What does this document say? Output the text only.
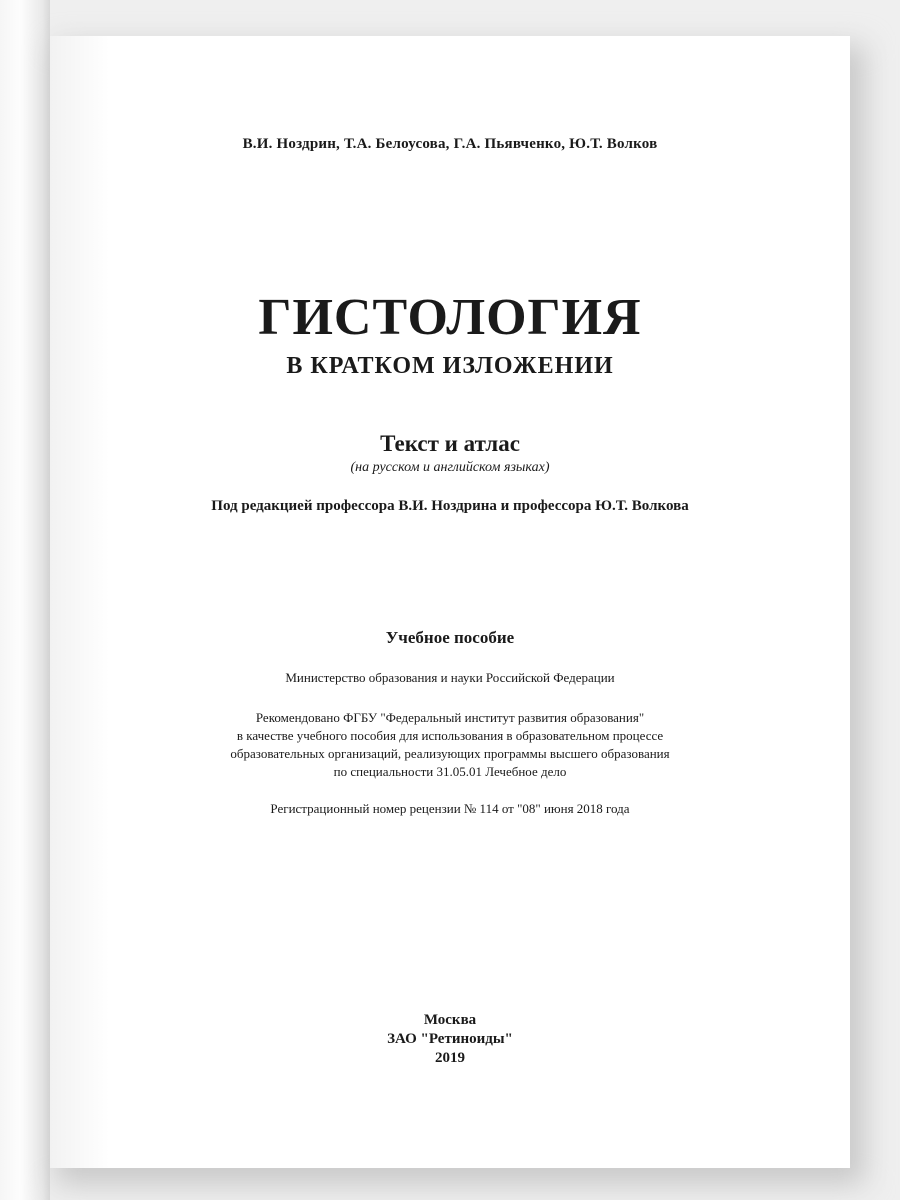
В.И. Ноздрин, Т.А. Белоусова, Г.А. Пьявченко, Ю.Т. Волков
ГИСТОЛОГИЯ
В КРАТКОМ ИЗЛОЖЕНИИ
Текст и атлас
(на русском и английском языках)
Под редакцией профессора В.И. Ноздрина и профессора Ю.Т. Волкова
Учебное пособие
Министерство образования и науки Российской Федерации
Рекомендовано ФГБУ "Федеральный институт развития образования"
в качестве учебного пособия для использования в образовательном процессе
образовательных организаций, реализующих программы высшего образования
по специальности 31.05.01 Лечебное дело
Регистрационный номер рецензии № 114 от "08" июня 2018 года
Москва
ЗАО "Ретиноиды"
2019
